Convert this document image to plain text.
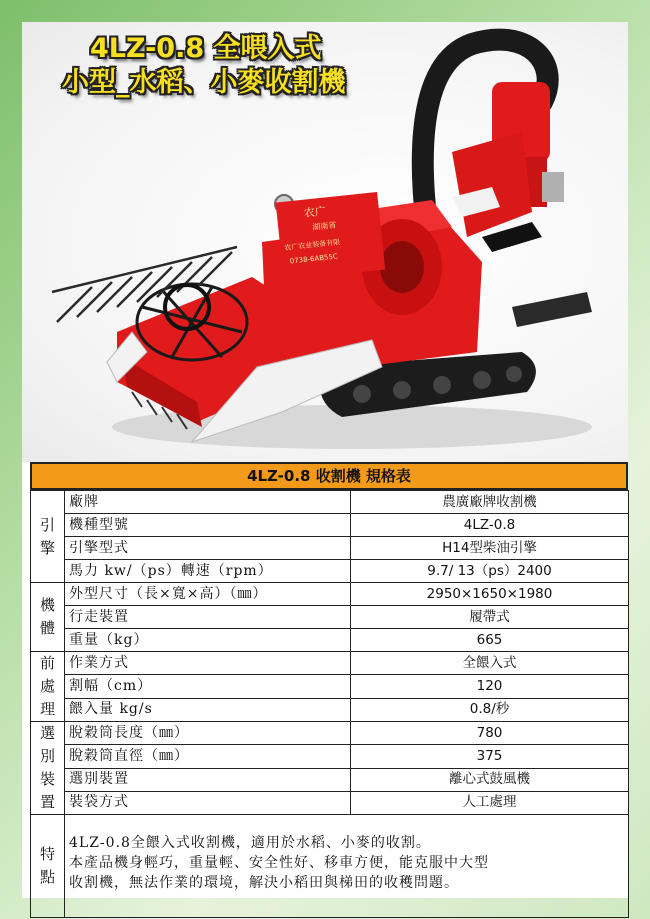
农广
湖南省
农广农业装备有限
0738-6AB55C
4LZ-0.8 全喂入式
小型_水稻、小麥收割機
4LZ-0.8 收割機 規格表
引
擎	廠牌	農廣廠牌收割機
	機種型號	4LZ-0.8
	引擎型式	H14型柴油引擎
	馬力 kw/（ps）轉速（rpm）	9.7/ 13（ps）2400
機
體	外型尺寸（長×寬×高）（㎜）	2950×1650×1980
	行走裝置	履帶式
	重量（kg）	665
前
處
理	作業方式	全餵入式
	割幅（cm）	120
	餵入量 kg/s	0.8/秒
選
別
裝
置	脫穀筒長度（㎜）	780
	脫穀筒直徑（㎜）	375
	選別裝置	離心式鼓風機
	裝袋方式	人工處理
特
點		

	4LZ-0.8全餵入式收割機，適用於水稻、小麥的收割。

本產品機身輕巧，重量輕、安全性好、移車方便，能克服中大型

收割機，無法作業的環境，解決小稻田與梯田的收穫問題。	
